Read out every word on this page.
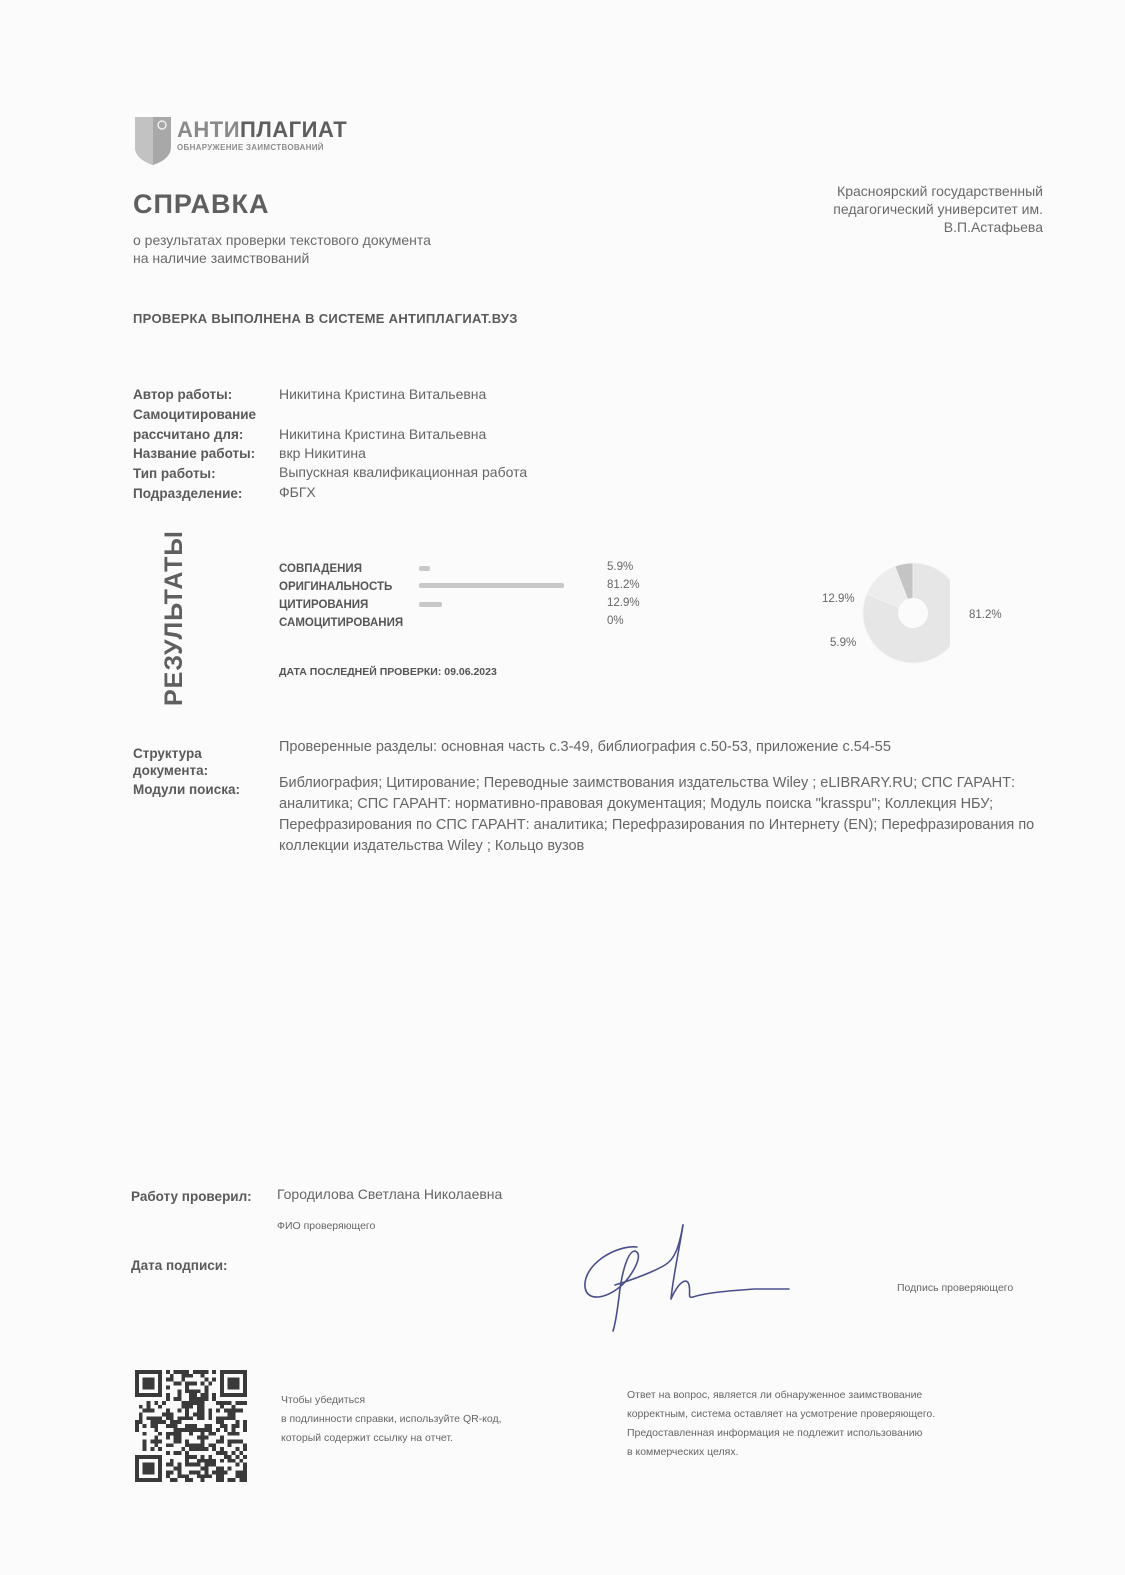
АНТИПЛАГИАТ
ОБНАРУЖЕНИЕ ЗАИМСТВОВАНИЙ
СПРАВКА
о результатах проверки текстового документа
на наличие заимствований
Красноярский государственный
педагогический университет им.
В.П.Астафьева
ПРОВЕРКА ВЫПОЛНЕНА В СИСТЕМЕ АНТИПЛАГИАТ.ВУЗ
Автор работы:	Никитина Кристина Витальевна
Самоцитирование
рассчитано для:	Никитина Кристина Витальевна
Название работы: вкр Никитина
Тип работы:	Выпускная квалификационная работа
Подразделение:	ФБГХ
РЕЗУЛЬТАТЫ	СОВПАДЕНИЯ	5.9%
ОРИГИНАЛЬНОСТЬ	81.2%
ЦИТИРОВАНИЯ	12.9%
САМОЦИТИРОВАНИЯ	0%
ДАТА ПОСЛЕДНЕЙ ПРОВЕРКИ: 09.06.2023
81.2%
12.9%
5.9%
Структура
документа:
Проверенные разделы: основная часть с.3-49, библиография с.50-53, приложение с.54-55
Модули поиска:	Библиография; Цитирование; Переводные заимствования издательства Wiley ; eLIBRARY.RU; СПС ГАРАНТ: аналитика; СПС ГАРАНТ: нормативно-правовая документация; Модуль поиска "krasspu"; Коллекция НБУ; Перефразирования по СПС ГАРАНТ: аналитика; Перефразирования по Интернету (EN); Перефразирования по коллекции издательства Wiley ; Кольцо вузов
Работу проверил: Городилова Светлана Николаевна
ФИО проверяющего
Дата подписи:
Подпись проверяющего
Чтобы убедиться
в подлинности справки, используйте QR-код,
который содержит ссылку на отчет.
Ответ на вопрос, является ли обнаруженное заимствование
корректным, система оставляет на усмотрение проверяющего.
Предоставленная информация не подлежит использованию
в коммерческих целях.
